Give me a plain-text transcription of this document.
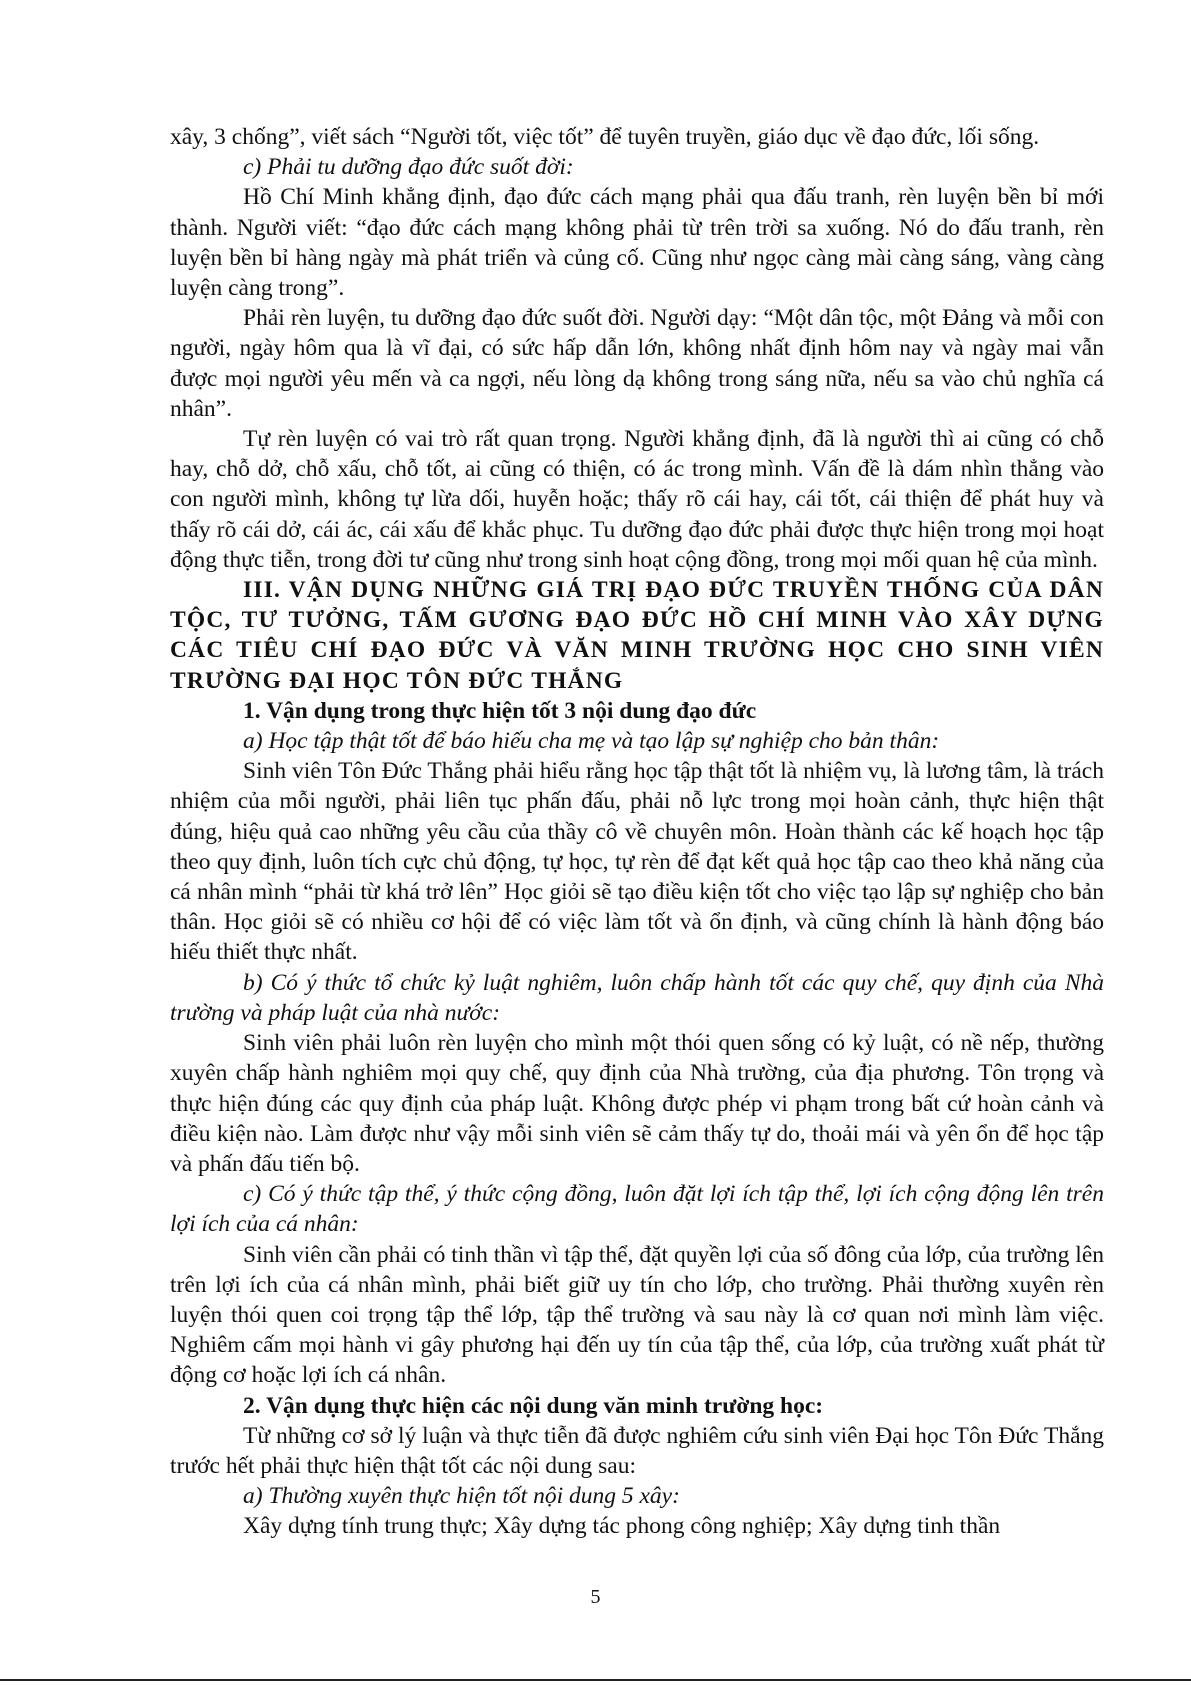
xây, 3 chống”, viết sách “Người tốt, việc tốt” để tuyên truyền, giáo dục về đạo đức, lối sống.

c) Phải tu dưỡng đạo đức suốt đời:

Hồ Chí Minh khẳng định, đạo đức cách mạng phải qua đấu tranh, rèn luyện bền bỉ mới thành. Người viết: “đạo đức cách mạng không phải từ trên trời sa xuống. Nó do đấu tranh, rèn luyện bền bỉ hàng ngày mà phát triển và củng cố. Cũng như ngọc càng mài càng sáng, vàng càng luyện càng trong”.

Phải rèn luyện, tu dưỡng đạo đức suốt đời. Người dạy: “Một dân tộc, một Đảng và mỗi con người, ngày hôm qua là vĩ đại, có sức hấp dẫn lớn, không nhất định hôm nay và ngày mai vẫn được mọi người yêu mến và ca ngợi, nếu lòng dạ không trong sáng nữa, nếu sa vào chủ nghĩa cá nhân”.

Tự rèn luyện có vai trò rất quan trọng. Người khẳng định, đã là người thì ai cũng có chỗ hay, chỗ dở, chỗ xấu, chỗ tốt, ai cũng có thiện, có ác trong mình. Vấn đề là dám nhìn thẳng vào con người mình, không tự lừa dối, huyễn hoặc; thấy rõ cái hay, cái tốt, cái thiện để phát huy và thấy rõ cái dở, cái ác, cái xấu để khắc phục. Tu dưỡng đạo đức phải được thực hiện trong mọi hoạt động thực tiễn, trong đời tư cũng như trong sinh hoạt cộng đồng, trong mọi mối quan hệ của mình.

III. VẬN DỤNG NHỮNG GIÁ TRỊ ĐẠO ĐỨC TRUYỀN THỐNG CỦA DÂN TỘC, TƯ TƯỞNG, TẤM GƯƠNG ĐẠO ĐỨC HỒ CHÍ MINH VÀO XÂY DỰNG CÁC TIÊU CHÍ ĐẠO ĐỨC VÀ VĂN MINH TRƯỜNG HỌC CHO SINH VIÊN TRƯỜNG ĐẠI HỌC TÔN ĐỨC THẮNG

1. Vận dụng trong thực hiện tốt 3 nội dung đạo đức

a) Học tập thật tốt để báo hiếu cha mẹ và tạo lập sự nghiệp cho bản thân:

Sinh viên Tôn Đức Thắng phải hiểu rằng học tập thật tốt là nhiệm vụ, là lương tâm, là trách nhiệm của mỗi người, phải liên tục phấn đấu, phải nỗ lực trong mọi hoàn cảnh, thực hiện thật đúng, hiệu quả cao những yêu cầu của thầy cô về chuyên môn. Hoàn thành các kế hoạch học tập theo quy định, luôn tích cực chủ động, tự học, tự rèn để đạt kết quả học tập cao theo khả năng của cá nhân mình “phải từ khá trở lên” Học giỏi sẽ tạo điều kiện tốt cho việc tạo lập sự nghiệp cho bản thân. Học giỏi sẽ có nhiều cơ hội để có việc làm tốt và ổn định, và cũng chính là hành động báo hiếu thiết thực nhất.

b) Có ý thức tổ chức kỷ luật nghiêm, luôn chấp hành tốt các quy chế, quy định của Nhà trường và pháp luật của nhà nước:

Sinh viên phải luôn rèn luyện cho mình một thói quen sống có kỷ luật, có nề nếp, thường xuyên chấp hành nghiêm mọi quy chế, quy định của Nhà trường, của địa phương. Tôn trọng và thực hiện đúng các quy định của pháp luật. Không được phép vi phạm trong bất cứ hoàn cảnh và điều kiện nào. Làm được như vậy mỗi sinh viên sẽ cảm thấy tự do, thoải mái và yên ổn để học tập và phấn đấu tiến bộ.

c) Có ý thức tập thể, ý thức cộng đồng, luôn đặt lợi ích tập thể, lợi ích cộng động lên trên lợi ích của cá nhân:

Sinh viên cần phải có tinh thần vì tập thể, đặt quyền lợi của số đông của lớp, của trường lên trên lợi ích của cá nhân mình, phải biết giữ uy tín cho lớp, cho trường. Phải thường xuyên rèn luyện thói quen coi trọng tập thể lớp, tập thể trường và sau này là cơ quan nơi mình làm việc. Nghiêm cấm mọi hành vi gây phương hại đến uy tín của tập thể, của lớp, của trường xuất phát từ động cơ hoặc lợi ích cá nhân.

2. Vận dụng thực hiện các nội dung văn minh trường học:

Từ những cơ sở lý luận và thực tiễn đã được nghiêm cứu sinh viên Đại học Tôn Đức Thắng trước hết phải thực hiện thật tốt các nội dung sau:

a) Thường xuyên thực hiện tốt nội dung 5 xây:

Xây dựng tính trung thực; Xây dựng tác phong công nghiệp; Xây dựng tinh thần

5
